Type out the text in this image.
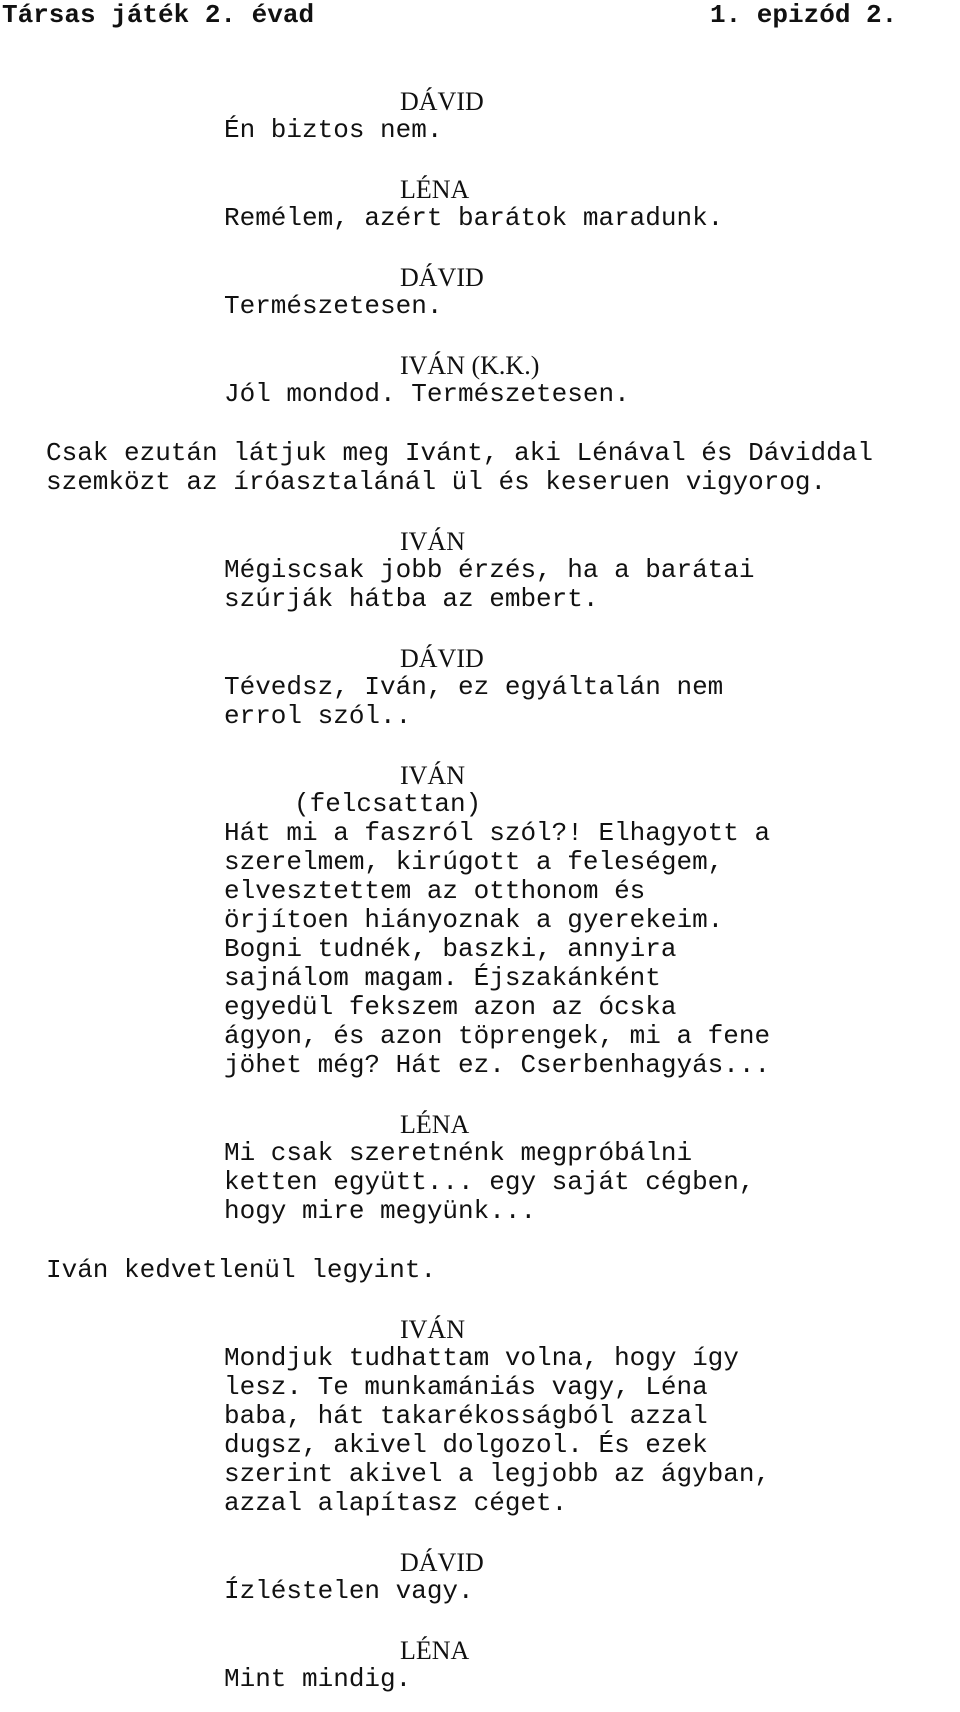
Társas játék 2. évad	1. epizód 2.
DÁVID
Én biztos nem.
LÉNA
Remélem, azért barátok maradunk.
DÁVID
Természetesen.
IVÁN (K.K.)
Jól mondod. Természetesen.
Csak ezután látjuk meg Ivánt, aki Lénával és Dáviddal
szemközt az íróasztalánál ül és keseruen vigyorog.
IVÁN
Mégiscsak jobb érzés, ha a barátai
szúrják hátba az embert.
DÁVID
Tévedsz, Iván, ez egyáltalán nem
errol szól..
IVÁN
(felcsattan)
Hát mi a faszról szól?! Elhagyott a
szerelmem, kirúgott a feleségem,
elvesztettem az otthonom és
örjítoen hiányoznak a gyerekeim.
Bogni tudnék, baszki, annyira
sajnálom magam. Éjszakánként
egyedül fekszem azon az ócska
ágyon, és azon töprengek, mi a fene
jöhet még? Hát ez. Cserbenhagyás...
LÉNA
Mi csak szeretnénk megpróbálni
ketten együtt... egy saját cégben,
hogy mire megyünk...
Iván kedvetlenül legyint.
IVÁN
Mondjuk tudhattam volna, hogy így
lesz. Te munkamániás vagy, Léna
baba, hát takarékosságból azzal
dugsz, akivel dolgozol. És ezek
szerint akivel a legjobb az ágyban,
azzal alapítasz céget.
DÁVID
Ízléstelen vagy.
LÉNA
Mint mindig.
